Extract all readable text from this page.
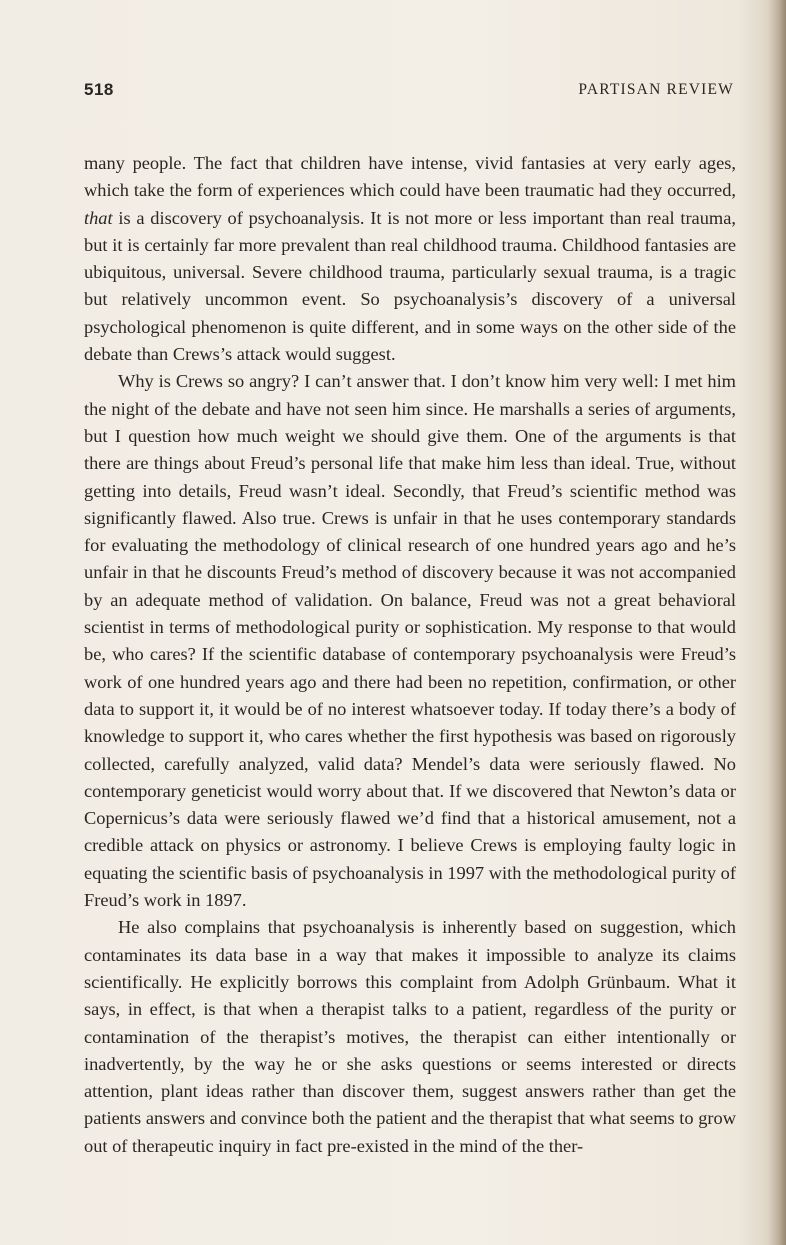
518	PARTISAN REVIEW

many people. The fact that children have intense, vivid fantasies at very early ages, which take the form of experiences which could have been traumatic had they occurred, that is a discovery of psychoanalysis. It is not more or less important than real trauma, but it is certainly far more prevalent than real childhood trauma. Childhood fantasies are ubiquitous, universal. Severe childhood trauma, particularly sexual trauma, is a tragic but relatively uncommon event. So psychoanalysis’s discovery of a universal psychological phenomenon is quite different, and in some ways on the other side of the debate than Crews’s attack would suggest.

Why is Crews so angry? I can’t answer that. I don’t know him very well: I met him the night of the debate and have not seen him since. He marshalls a series of arguments, but I question how much weight we should give them. One of the arguments is that there are things about Freud’s personal life that make him less than ideal. True, without getting into details, Freud wasn’t ideal. Secondly, that Freud’s scientific method was significantly flawed. Also true. Crews is unfair in that he uses contemporary standards for evaluating the methodology of clinical research of one hundred years ago and he’s unfair in that he discounts Freud’s method of discovery because it was not accompanied by an adequate method of validation. On balance, Freud was not a great behavioral scientist in terms of methodological purity or sophistication. My response to that would be, who cares? If the scientific database of contemporary psychoanalysis were Freud’s work of one hundred years ago and there had been no repetition, confirmation, or other data to support it, it would be of no interest whatsoever today. If today there’s a body of knowledge to support it, who cares whether the first hypothesis was based on rigorously collected, carefully analyzed, valid data? Mendel’s data were seriously flawed. No contemporary geneticist would worry about that. If we discovered that Newton’s data or Copernicus’s data were seriously flawed we’d find that a historical amusement, not a credible attack on physics or astronomy. I believe Crews is employing faulty logic in equating the scientific basis of psychoanalysis in 1997 with the methodological purity of Freud’s work in 1897.

He also complains that psychoanalysis is inherently based on suggestion, which contaminates its data base in a way that makes it impossible to analyze its claims scientifically. He explicitly borrows this complaint from Adolph Grünbaum. What it says, in effect, is that when a therapist talks to a patient, regardless of the purity or contamination of the therapist’s motives, the therapist can either intentionally or inadvertently, by the way he or she asks questions or seems interested or directs attention, plant ideas rather than discover them, suggest answers rather than get the patients answers and convince both the patient and the therapist that what seems to grow out of therapeutic inquiry in fact pre-existed in the mind of the ther-
